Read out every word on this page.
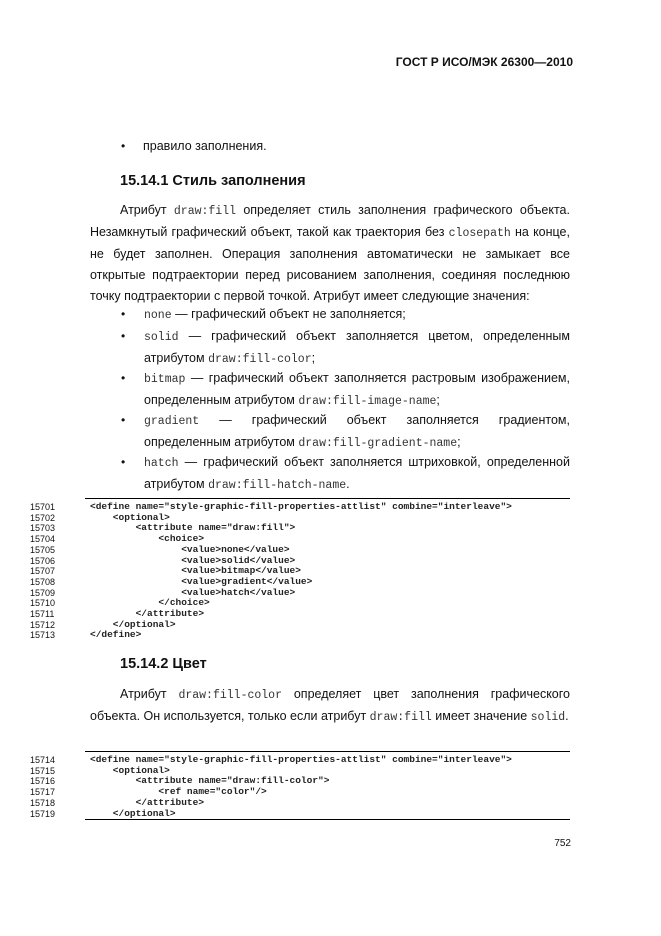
ГОСТ Р ИСО/МЭК 26300—2010
• правило заполнения.
15.14.1 Стиль заполнения
Атрибут draw:fill определяет стиль заполнения графического объекта. Незамкнутый графический объект, такой как траектория без closepath на конце, не будет заполнен. Операция заполнения автоматически не замыкает все открытые подтраектории перед рисованием заполнения, соединяя последнюю точку подтраектории с первой точкой. Атрибут имеет следующие значения:
• none — графический объект не заполняется;
• solid — графический объект заполняется цветом, определенным атрибутом draw:fill-color;
• bitmap — графический объект заполняется растровым изображением, определенным атрибутом draw:fill-image-name;
• gradient — графический объект заполняется градиентом, определенным атрибутом draw:fill-gradient-name;
• hatch — графический объект заполняется штриховкой, определенной атрибутом draw:fill-hatch-name.
15701	<define name="style-graphic-fill-properties-attlist" combine="interleave">
15702	<optional>
15703	<attribute name="draw:fill">
15704	<choice>
15705	<value>none</value>
15706	<value>solid</value>
15707	<value>bitmap</value>
15708	<value>gradient</value>
15709	<value>hatch</value>
15710	</choice>
15711	</attribute>
15712	</optional>
15713	</define>
15.14.2 Цвет
Атрибут draw:fill-color определяет цвет заполнения графического объекта. Он используется, только если атрибут draw:fill имеет значение solid.
15714	<define name="style-graphic-fill-properties-attlist" combine="interleave">
15715	<optional>
15716	<attribute name="draw:fill-color">
15717	<ref name="color"/>
15718	</attribute>
15719	</optional>
752
